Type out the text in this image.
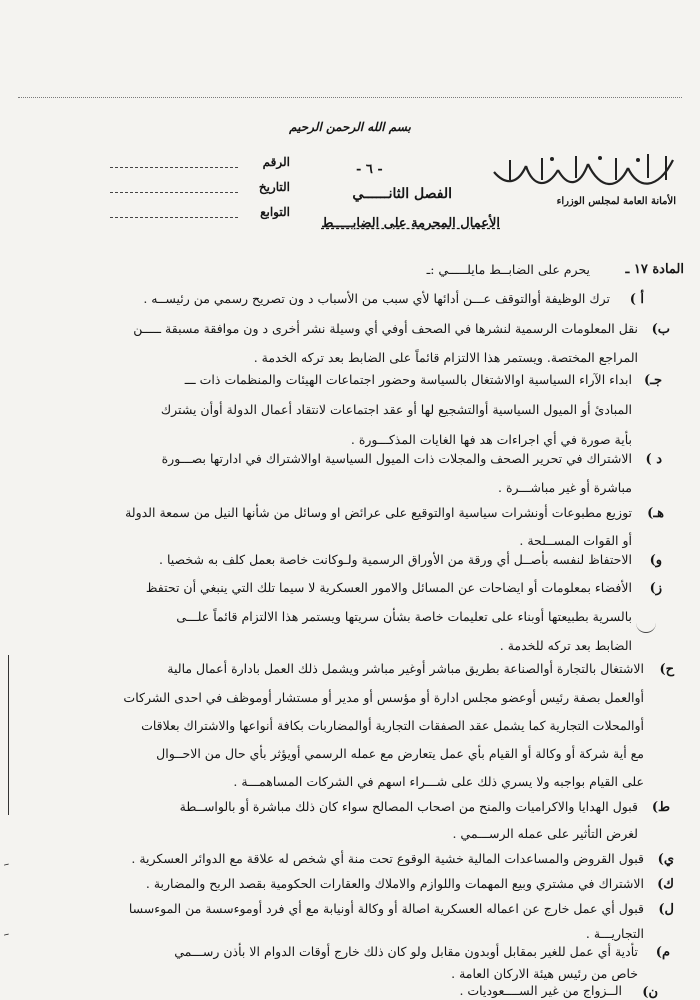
بسم الله الرحمن الرحيم
الأمانة العامة لمجلس الوزراء
الرقم
التاريخ
التوابع
- ٦ -
الفصل الثانــــــي
الأعمال المحرمة على الضابـــــط
المادة ١٧ ـ
يحرم على الضابــط مايلـــــي :ـ
أ )
ترك الوظيفة أوالتوقف عـــن أدائها لأي سبب من الأسباب د ون تصريح رسمي من رئيســه .
ب)
نقل المعلومات الرسمية لنشرها في الصحف أوفي أي وسيلة نشر أخرى د ون موافقة مسبقة ـــــن
المراجع المختصة. ويستمر هذا الالتزام قائماً على الضابط بعد تركه الخدمة .
جـ)
ابداء الآراء السياسية اوالاشتغال بالسياسة وحضور اجتماعات الهيئات والمنظمات ذات ـــ
المبادئ أو الميول السياسية أوالتشجيع لها أو عقد اجتماعات لانتقاد أعمال الدولة أوأن يشترك
بأية صورة في أي اجراءات هد فها الغايات المذكـــورة .
د )
الاشتراك في تحرير الصحف والمجلات ذات الميول السياسية اوالاشتراك في ادارتها بصـــورة
مباشرة أو غير مباشـــرة .
هـ)
توزيع مطبوعات أونشرات سياسية اوالتوقيع على عرائض او وسائل من شأنها النيل من سمعة الدولة
أو القوات المســلحة .
و)
الاحتفاظ لنفسه بأصــل أي ورقة من الأوراق الرسمية ولـوكانت خاصة بعمل كلف به شخصيا .
ز)
الأفضاء بمعلومات أو ايضاحات عن المسائل والامور العسكرية لا سيما تلك التي ينبغي أن تحتفظ
بالسرية بطبيعتها أوبناء على تعليمات خاصة بشأن سريتها ويستمر هذا الالتزام قائماً علـــى
الضابط بعد تركه للخدمة .
ح)
الاشتغال بالتجارة أوالصناعة بطريق مباشر أوغير مباشر ويشمل ذلك العمل بادارة أعمال مالية
أوالعمل بصفة رئيس أوعضو مجلس ادارة أو مؤسس أو مدير أو مستشار أوموظف في احدى الشركات
أوالمحلات التجارية كما يشمل عقد الصفقات التجارية أوالمضاربات بكافة أنواعها والاشتراك بعلاقات
مع أية شركة أو وكالة أو القيام بأي عمل يتعارض مع عمله الرسمي أويؤثر بأي حال من الاحــوال
على القيام بواجبه ولا يسري ذلك على شـــراء اسهم في الشركات المساهمـــة .
ط)
قبول الهدايا والاكراميات والمنح من اصحاب المصالح سواء كان ذلك مباشرة أو بالواســطة
لغرض التأثير على عمله الرســـمي .
ي)
قبول القروض والمساعدات المالية خشية الوقوع تحت منة أي شخص له علاقة مع الدوائر العسكرية .
ك)
الاشتراك في مشتري وبيع المهمات واللوازم والاملاك والعقارات الحكومية بقصد الربح والمضاربة .
ل)
قبول أي عمل خارج عن اعماله العسكرية اصالة أو وكالة أونيابة مع أي فرد أوموءسسة من الموءسسا
التجاريـــة .
م)
تأدية أي عمل للغير بمقابل أوبدون مقابل ولو كان ذلك خارج أوقات الدوام الا بأذن رســـمي
خاص من رئيس هيئة الاركان العامة .
ن)
الــزواج من غير الســــعوديات .
ﹶ
ﹶ
